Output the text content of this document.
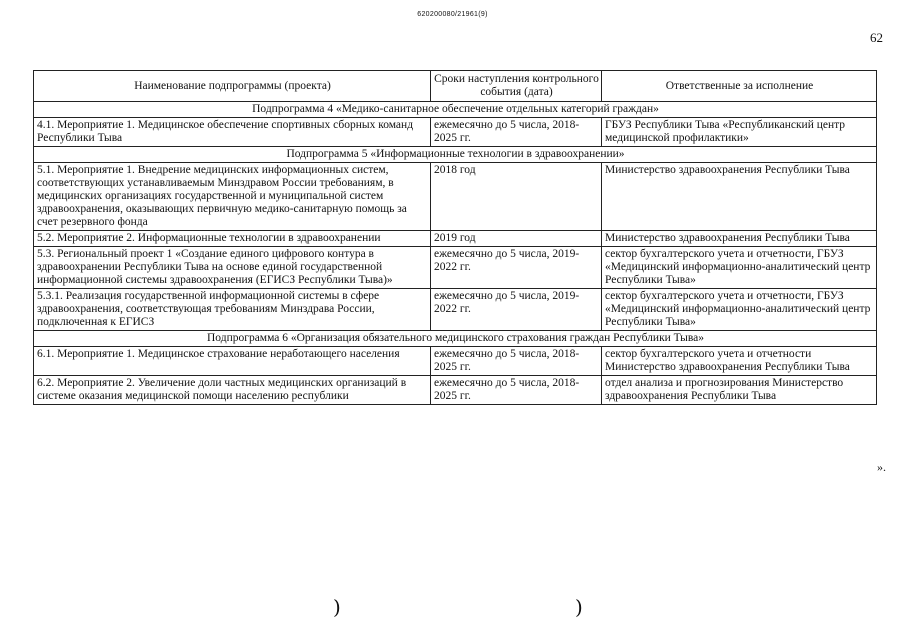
620200080/21961(9)
62
Наименование подпрограммы (проекта)	Сроки наступления контрольного события (дата)	Ответственные за исполнение
Подпрограмма 4 «Медико-санитарное обеспечение отдельных категорий граждан»		
4.1. Мероприятие 1. Медицинское обеспечение спортивных сборных команд Республики Тыва	ежемесячно до 5 числа, 2018-2025 гг.	ГБУЗ Республики Тыва «Республиканский центр медицинской профилактики»
Подпрограмма 5 «Информационные технологии в здравоохранении»		
5.1. Мероприятие 1. Внедрение медицинских информационных систем, соответствующих устанавливаемым Минздравом России требованиям, в медицинских организациях государственной и муниципальной систем здравоохранения, оказывающих первичную медико-санитарную помощь за счет резервного фонда	2018 год	Министерство здравоохранения Республики Тыва
5.2. Мероприятие 2. Информационные технологии в здравоохранении	2019 год	Министерство здравоохранения Республики Тыва
5.3. Региональный проект 1 «Создание единого цифрового контура в здравоохранении Республики Тыва на основе единой государственной информационной системы здравоохранения (ЕГИСЗ Республики Тыва)»	ежемесячно до 5 числа, 2019-2022 гг.	сектор бухгалтерского учета и отчетности, ГБУЗ «Медицинский информационно-аналитический центр Республики Тыва»
5.3.1. Реализация государственной информационной системы в сфере здравоохранения, соответствующая требованиям Минздрава России, подключенная к ЕГИСЗ	ежемесячно до 5 числа, 2019-2022 гг.	сектор бухгалтерского учета и отчетности, ГБУЗ «Медицинский информационно-аналитический центр Республики Тыва»
Подпрограмма 6 «Организация обязательного медицинского страхования граждан Республики Тыва»		
6.1. Мероприятие 1. Медицинское страхование неработающего населения	ежемесячно до 5 числа, 2018-2025 гг.	сектор бухгалтерского учета и отчетности Министерство здравоохранения Республики Тыва
6.2. Мероприятие 2. Увеличение доли частных медицинских организаций в системе оказания медицинской помощи населению республики	ежемесячно до 5 числа, 2018-2025 гг.	отдел анализа и прогнозирования Министерство здравоохранения Республики Тыва
».
)	)
